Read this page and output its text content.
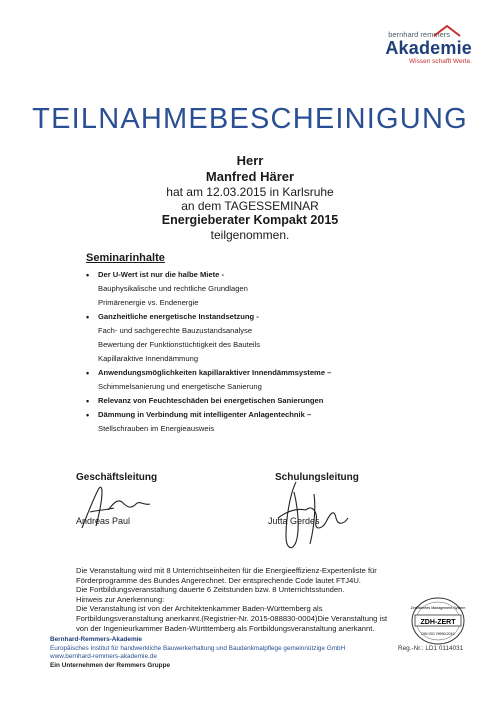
bernhard remmers
Akademie
Wissen schafft Werte.
TEILNAHMEBESCHEINIGUNG
Herr
Manfred Härer
hat am 12.03.2015 in Karlsruhe
an dem TAGESSEMINAR
Energieberater Kompakt 2015
teilgenommen.
Seminarinhalte
• Der U-Wert ist nur die halbe Miete -
Bauphysikalische und rechtliche Grundlagen
Primärenergie vs. Endenergie
• Ganzheitliche energetische Instandsetzung -
Fach- und sachgerechte Bauzustandsanalyse
Bewertung der Funktionstüchtigkeit des Bauteils
Kapillaraktive Innendämmung
• Anwendungsmöglichkeiten kapillaraktiver Innendämmsysteme –
Schimmelsanierung und energetische Sanierung
• Relevanz von Feuchteschäden bei energetischen Sanierungen
• Dämmung in Verbindung mit intelligenter Anlagentechnik –
Stellschrauben im Energieausweis
Geschäftsleitung	Schulungsleitung
Andreas Paul	Jutta Gerdes
Die Veranstaltung wird mit 8 Unterrichtseinheiten für die Energieeffizienz-Expertenliste für
Förderprogramme des Bundes Angerechnet. Der entsprechende Code lautet FTJ4U.
Die Fortbildungsveranstaltung dauerte 6 Zeitstunden bzw. 8 Unterrichtsstunden.
Hinweis zur Anerkennung:
Die Veranstaltung ist von der Architektenkammer Baden-Württemberg als
Fortbildungsveranstaltung anerkannt.(Registrier-Nr. 2015-088830-0004)Die Veranstaltung ist
von der Ingenieurkammer Baden-Württtemberg als Fortbildungsveranstaltung anerkannt.
Zertifiziertes Management-System
ZDH-ZERT
DIN ISO 29990:2010
Bernhard-Remmers-Akademie
Europäisches Institut für handwerkliche Bauwerkerhaltung und Baudenkmalpflege gemeinnützige GmbH
www.bernhard-remmers-akademie.de
Ein Unternehmen der Remmers Gruppe
Reg.-Nr.: LD1 0114031
